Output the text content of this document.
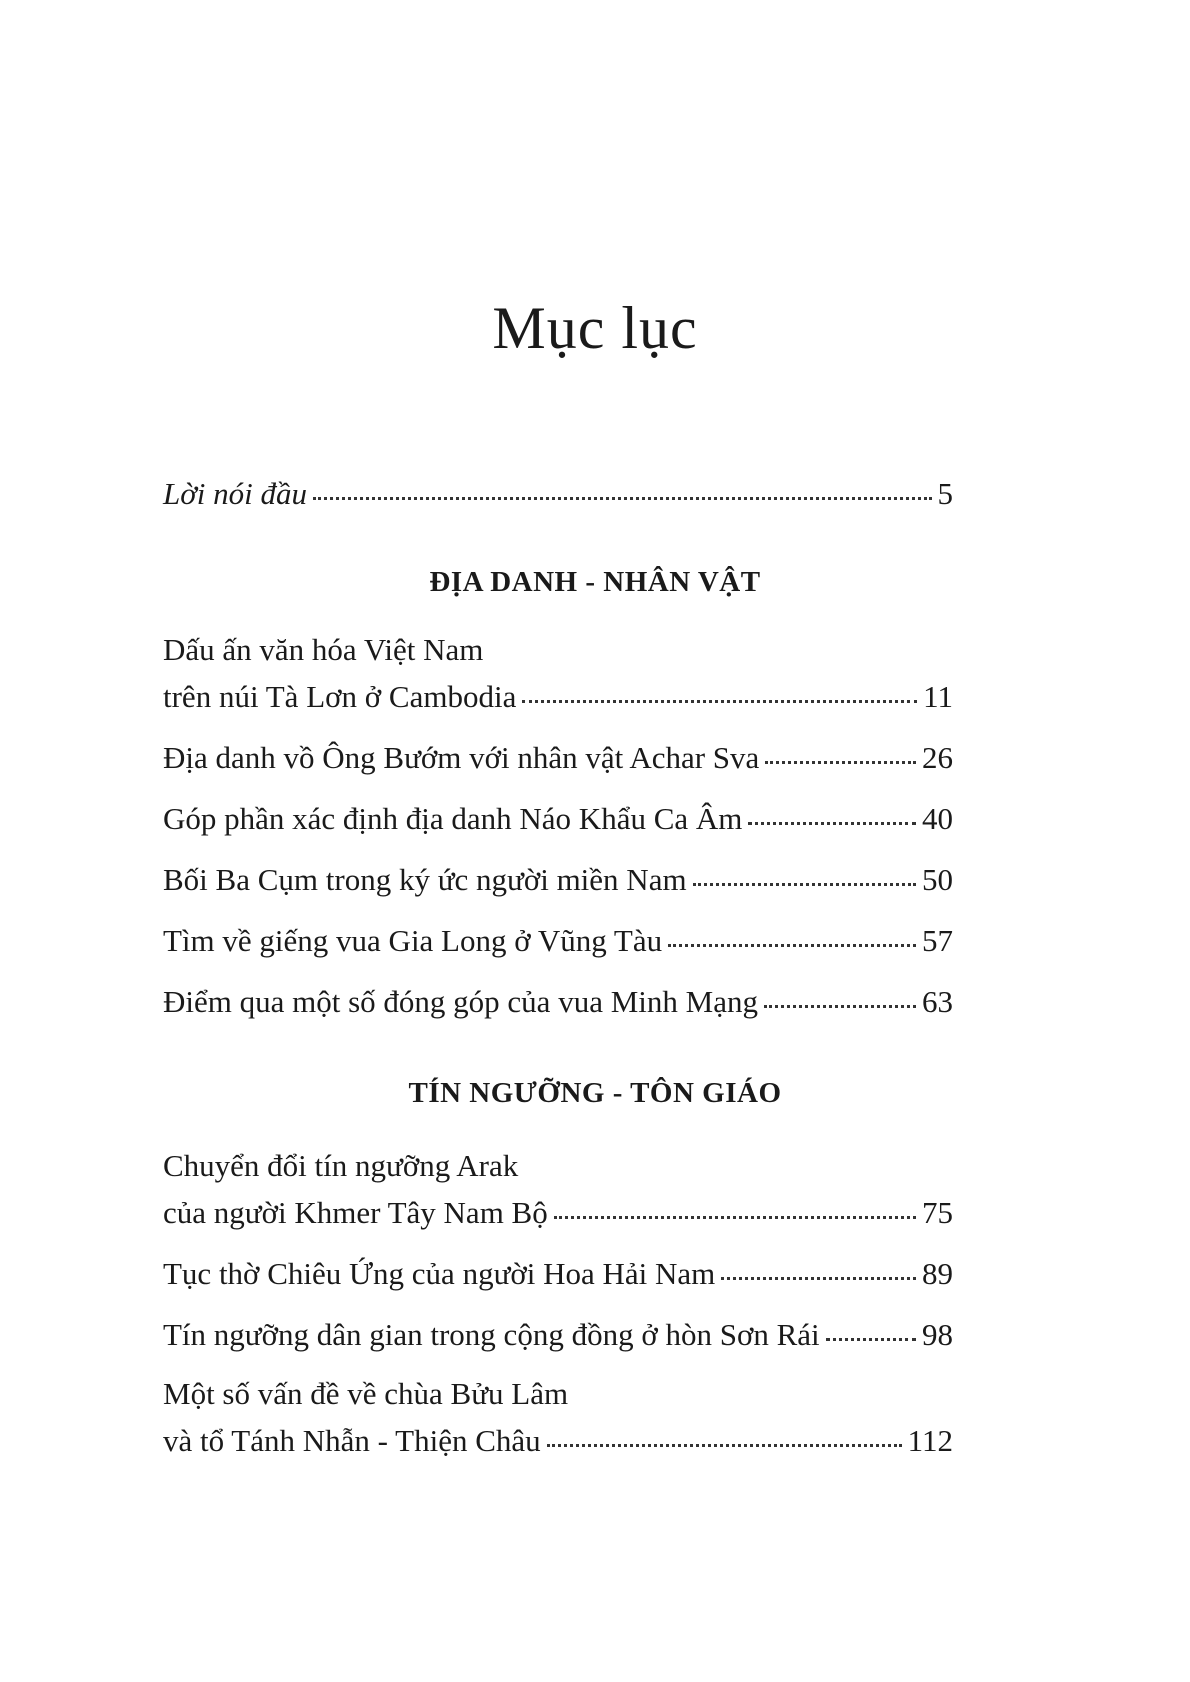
Mục lục
Lời nói đầu	5
Dấu ấn văn hóa Việt Nam
trên núi Tà Lơn ở Cambodia	11
Địa danh vồ Ông Bướm với nhân vật Achar Sva	26
Góp phần xác định địa danh Náo Khẩu Ca Âm	40
Bối Ba Cụm trong ký ức người miền Nam	50
Tìm về giếng vua Gia Long ở Vũng Tàu	57
Điểm qua một số đóng góp của vua Minh Mạng	63
Chuyển đổi tín ngưỡng Arak
của người Khmer Tây Nam Bộ	75
Tục thờ Chiêu Ứng của người Hoa Hải Nam	89
Tín ngưỡng dân gian trong cộng đồng ở hòn Sơn Rái	98
Một số vấn đề về chùa Bửu Lâm
và tổ Tánh Nhẫn - Thiện Châu	112
ĐỊA DANH - NHÂN VẬT
TÍN NGƯỠNG - TÔN GIÁO
